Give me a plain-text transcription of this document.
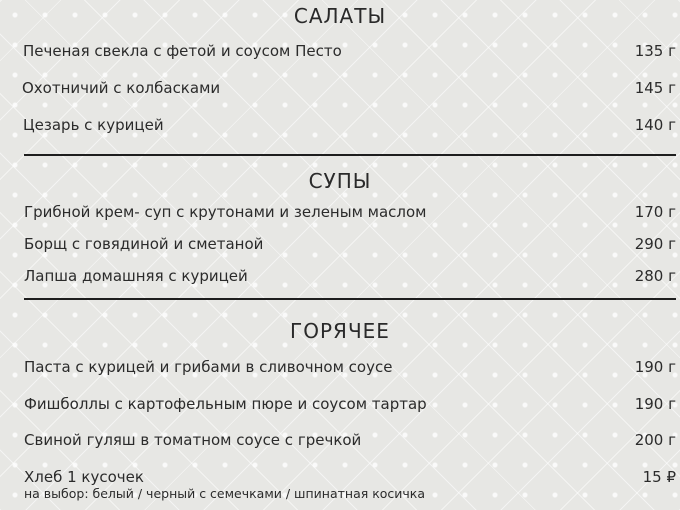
САЛАТЫ
Печеная свекла с фетой и соусом Песто	135 г
Охотничий с колбасками	145 г
Цезарь с курицей	140 г
СУПЫ
Грибной крем- суп с крутонами и зеленым маслом	170 г
Борщ с говядиной и сметаной	290 г
Лапша домашняя с курицей	280 г
ГОРЯЧЕЕ
Паста с курицей и грибами в сливочном соусе	190 г
Фишболлы с картофельным пюре и соусом тартар	190 г
Свиной гуляш в томатном соусе с гречкой	200 г
Хлеб 1 кусочек	15 ₽
на выбор: белый / черный с семечками / шпинатная косичка
